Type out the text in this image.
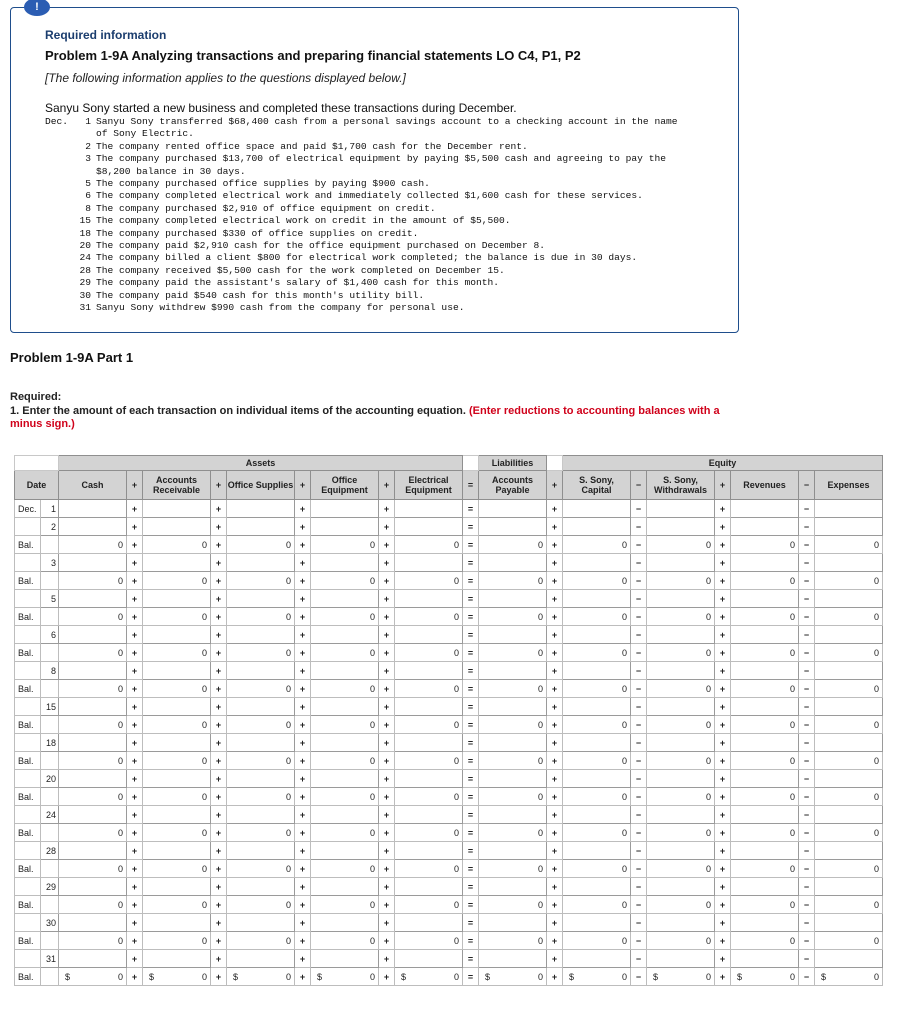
!
Required information
Problem 1-9A Analyzing transactions and preparing financial statements LO C4, P1, P2
[The following information applies to the questions displayed below.]
Sanyu Sony started a new business and completed these transactions during December.
Dec.	1 Sanyu Sony transferred $68,400 cash from a personal savings account to a checking account in the name
of Sony Electric.
2 The company rented office space and paid $1,700 cash for the December rent.
3 The company purchased $13,700 of electrical equipment by paying $5,500 cash and agreeing to pay the
$8,200 balance in 30 days.
5 The company purchased office supplies by paying $900 cash.
6 The company completed electrical work and immediately collected $1,600 cash for these services.
8 The company purchased $2,910 of office equipment on credit.
15 The company completed electrical work on credit in the amount of $5,500.
18 The company purchased $330 of office supplies on credit.
20 The company paid $2,910 cash for the office equipment purchased on December 8.
24 The company billed a client $800 for electrical work completed; the balance is due in 30 days.
28 The company received $5,500 cash for the work completed on December 15.
29 The company paid the assistant's salary of $1,400 cash for this month.
30 The company paid $540 cash for this month's utility bill.
31 Sanyu Sony withdrew $990 cash from the company for personal use.
Problem 1-9A Part 1
Required:
1. Enter the amount of each transaction on individual items of the accounting equation. (Enter reductions to accounting balances with a minus sign.)
		Assets										Liabilities		Equity						
Date		Cash	+	Accounts Receivable	+	Office Supplies	+	Office Equipment	+	Electrical Equipment	=	Accounts Payable	+	S. Sony, Capital	−	S. Sony, Withdrawals	+	Revenues	−	Expenses
Dec.	1		+		+		+		+		=		+		−		+		−	
	2		+		+		+		+		=		+		−		+		−	
Bal.		0	+	0	+	0	+	0	+	0	=	0	+	0	−	0	+	0	−	0
	3		+		+		+		+		=		+		−		+		−	
Bal.		0	+	0	+	0	+	0	+	0	=	0	+	0	−	0	+	0	−	0
	5		+		+		+		+		=		+		−		+		−	
Bal.		0	+	0	+	0	+	0	+	0	=	0	+	0	−	0	+	0	−	0
	6		+		+		+		+		=		+		−		+		−	
Bal.		0	+	0	+	0	+	0	+	0	=	0	+	0	−	0	+	0	−	0
	8		+		+		+		+		=		+		−		+		−	
Bal.		0	+	0	+	0	+	0	+	0	=	0	+	0	−	0	+	0	−	0
	15		+		+		+		+		=		+		−		+		−	
Bal.		0	+	0	+	0	+	0	+	0	=	0	+	0	−	0	+	0	−	0
	18		+		+		+		+		=		+		−		+		−	
Bal.		0	+	0	+	0	+	0	+	0	=	0	+	0	−	0	+	0	−	0
	20		+		+		+		+		=		+		−		+		−	
Bal.		0	+	0	+	0	+	0	+	0	=	0	+	0	−	0	+	0	−	0
	24		+		+		+		+		=		+		−		+		−	
Bal.		0	+	0	+	0	+	0	+	0	=	0	+	0	−	0	+	0	−	0
	28		+		+		+		+		=		+		−		+		−	
Bal.		0	+	0	+	0	+	0	+	0	=	0	+	0	−	0	+	0	−	0
	29		+		+		+		+		=		+		−		+		−	
Bal.		0	+	0	+	0	+	0	+	0	=	0	+	0	−	0	+	0	−	0
	30		+		+		+		+		=		+		−		+		−	
Bal.		0	+	0	+	0	+	0	+	0	=	0	+	0	−	0	+	0	−	0
	31		+		+		+		+		=		+		−		+		−	
Bal.		$ 0	+	$ 0	+	$ 0	+	$ 0	+	$ 0	=	$ 0	+	$ 0	−	$ 0	+	$ 0	−	$ 0
